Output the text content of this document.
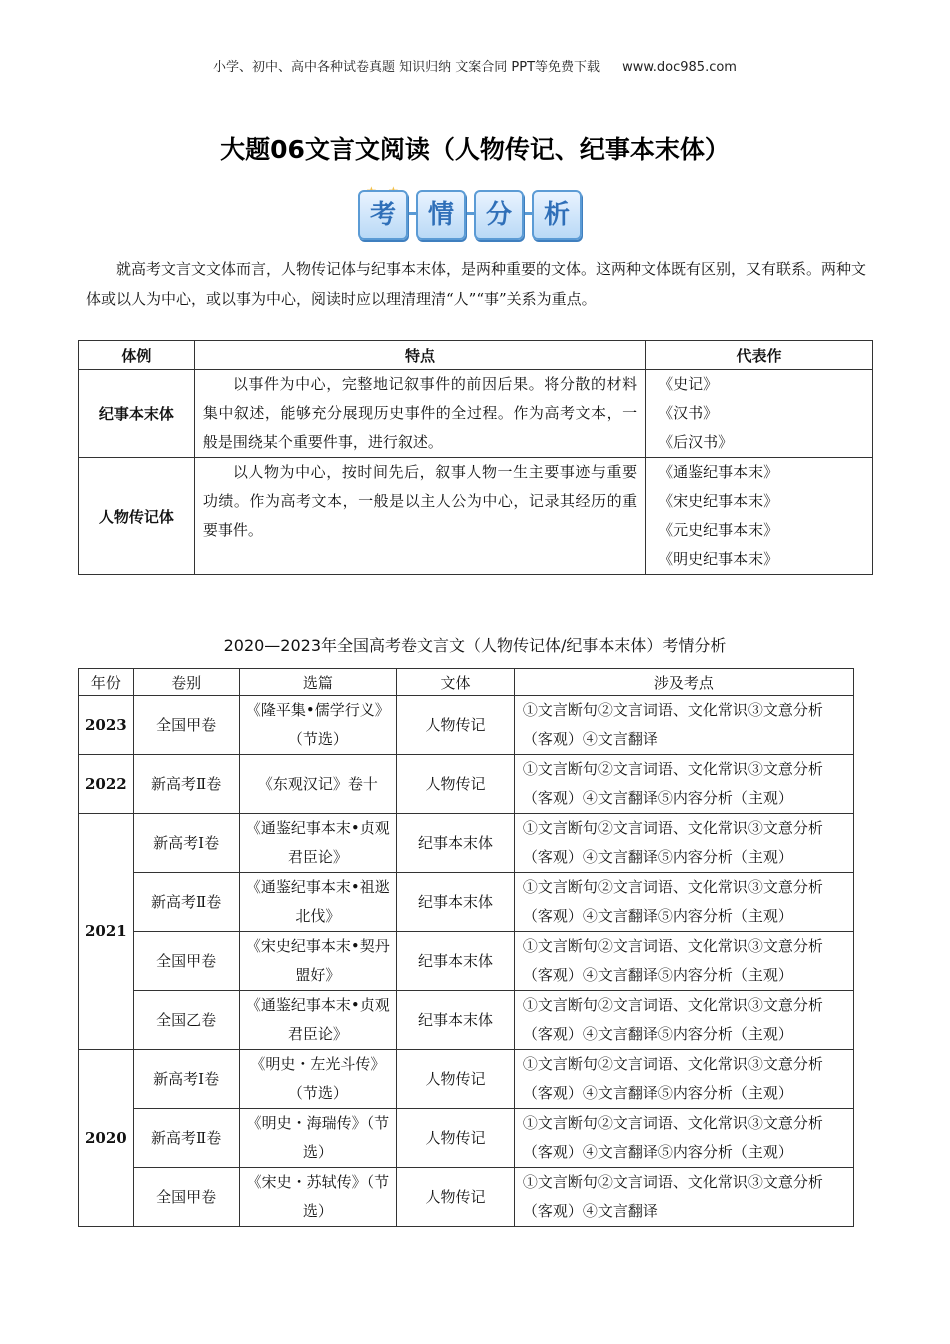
小学、初中、高中各种试卷真题 知识归纳 文案合同 PPT等免费下载 www.doc985.com
大题06文言文阅读（人物传记、纪事本末体）
考	情	分	析
就高考文言文文体而言，人物传记体与纪事本末体，是两种重要的文体。这两种文体既有区别，又有联系。两种文体或以人为中心，或以事为中心，阅读时应以理清理清“人”“事”关系为重点。
体例	特点	代表作
纪事本末体	以事件为中心，完整地记叙事件的前因后果。将分散的材料集中叙述，能够充分展现历史事件的全过程。作为高考文本，一般是围绕某个重要件事，进行叙述。	《史记》
《汉书》
《后汉书》

人物传记体	以人物为中心，按时间先后，叙事人物一生主要事迹与重要功绩。作为高考文本，一般是以主人公为中心，记录其经历的重要事件。	《通鉴纪事本末》
《宋史纪事本末》
《元史纪事本末》
《明史纪事本末》
2020—2023年全国高考卷文言文（人物传记体/纪事本末体）考情分析
年份	卷别	选篇	文体	涉及考点
2023	全国甲卷	《隆平集•儒学行义》（节选）	人物传记	①文言断句②文言词语、文化常识③文意分析（客观）④文言翻译
2022	新高考Ⅱ卷	《东观汉记》卷十	人物传记	①文言断句②文言词语、文化常识③文意分析（客观）④文言翻译⑤内容分析（主观）
2021	新高考Ⅰ卷	《通鉴纪事本末•贞观君臣论》	纪事本末体	①文言断句②文言词语、文化常识③文意分析（客观）④文言翻译⑤内容分析（主观）
	新高考Ⅱ卷	《通鉴纪事本末•祖逖北伐》	纪事本末体	①文言断句②文言词语、文化常识③文意分析（客观）④文言翻译⑤内容分析（主观）
	全国甲卷	《宋史纪事本末•契丹盟好》	纪事本末体	①文言断句②文言词语、文化常识③文意分析（客观）④文言翻译⑤内容分析（主观）
	全国乙卷	《通鉴纪事本末•贞观君臣论》	纪事本末体	①文言断句②文言词语、文化常识③文意分析（客观）④文言翻译⑤内容分析（主观）
2020	新高考Ⅰ卷	《明史・左光斗传》（节选）	人物传记	①文言断句②文言词语、文化常识③文意分析（客观）④文言翻译⑤内容分析（主观）
	新高考Ⅱ卷	《明史・海瑞传》（节选）	人物传记	①文言断句②文言词语、文化常识③文意分析（客观）④文言翻译⑤内容分析（主观）
	全国甲卷	《宋史・苏轼传》（节选）	人物传记	①文言断句②文言词语、文化常识③文意分析（客观）④文言翻译
